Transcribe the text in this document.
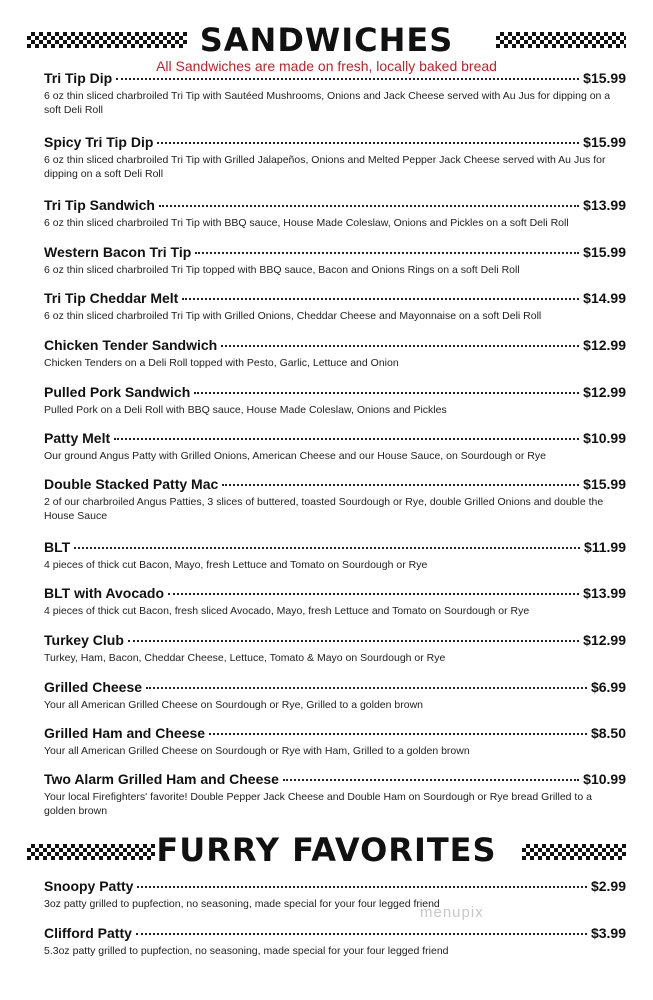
SANDWICHES
All Sandwiches are made on fresh, locally baked bread
Tri Tip Dip	$15.99
6 oz thin sliced charbroiled Tri Tip with Sautéed Mushrooms, Onions and Jack Cheese served with Au Jus for dipping on a soft Deli Roll
Spicy Tri Tip Dip	$15.99
6 oz thin sliced charbroiled Tri Tip with Grilled Jalapeños, Onions and Melted Pepper Jack Cheese served with Au Jus for dipping on a soft Deli Roll
Tri Tip Sandwich	$13.99
6 oz thin sliced charbroiled Tri Tip with BBQ sauce, House Made Coleslaw, Onions and Pickles on a soft Deli Roll
Western Bacon Tri Tip	$15.99
6 oz thin sliced charbroiled Tri Tip topped with BBQ sauce, Bacon and Onions Rings on a soft Deli Roll
Tri Tip Cheddar Melt	$14.99
6 oz thin sliced charbroiled Tri Tip with Grilled Onions, Cheddar Cheese and Mayonnaise on a soft Deli Roll
Chicken Tender Sandwich	$12.99
Chicken Tenders on a Deli Roll topped with Pesto, Garlic, Lettuce and Onion
Pulled Pork Sandwich	$12.99
Pulled Pork on a Deli Roll with BBQ sauce, House Made Coleslaw, Onions and Pickles
Patty Melt	$10.99
Our ground Angus Patty with Grilled Onions, American Cheese and our House Sauce, on Sourdough or Rye
Double Stacked Patty Mac	$15.99
2 of our charbroiled Angus Patties, 3 slices of buttered, toasted Sourdough or Rye, double Grilled Onions and double the House Sauce
BLT	$11.99
4 pieces of thick cut Bacon, Mayo, fresh Lettuce and Tomato on Sourdough or Rye
BLT with Avocado	$13.99
4 pieces of thick cut Bacon, fresh sliced Avocado, Mayo, fresh Lettuce and Tomato on Sourdough or Rye
Turkey Club	$12.99
Turkey, Ham, Bacon, Cheddar Cheese, Lettuce, Tomato & Mayo on Sourdough or Rye
Grilled Cheese	$6.99
Your all American Grilled Cheese on Sourdough or Rye, Grilled to a golden brown
Grilled Ham and Cheese	$8.50
Your all American Grilled Cheese on Sourdough or Rye with Ham, Grilled to a golden brown
Two Alarm Grilled Ham and Cheese	$10.99
Your local Firefighters' favorite! Double Pepper Jack Cheese and Double Ham on Sourdough or Rye bread Grilled to a golden brown
FURRY FAVORITES
Snoopy Patty	$2.99
3oz patty grilled to pupfection, no seasoning, made special for your four legged friend
Clifford Patty	$3.99
5.3oz patty grilled to pupfection, no seasoning, made special for your four legged friend
menupix
